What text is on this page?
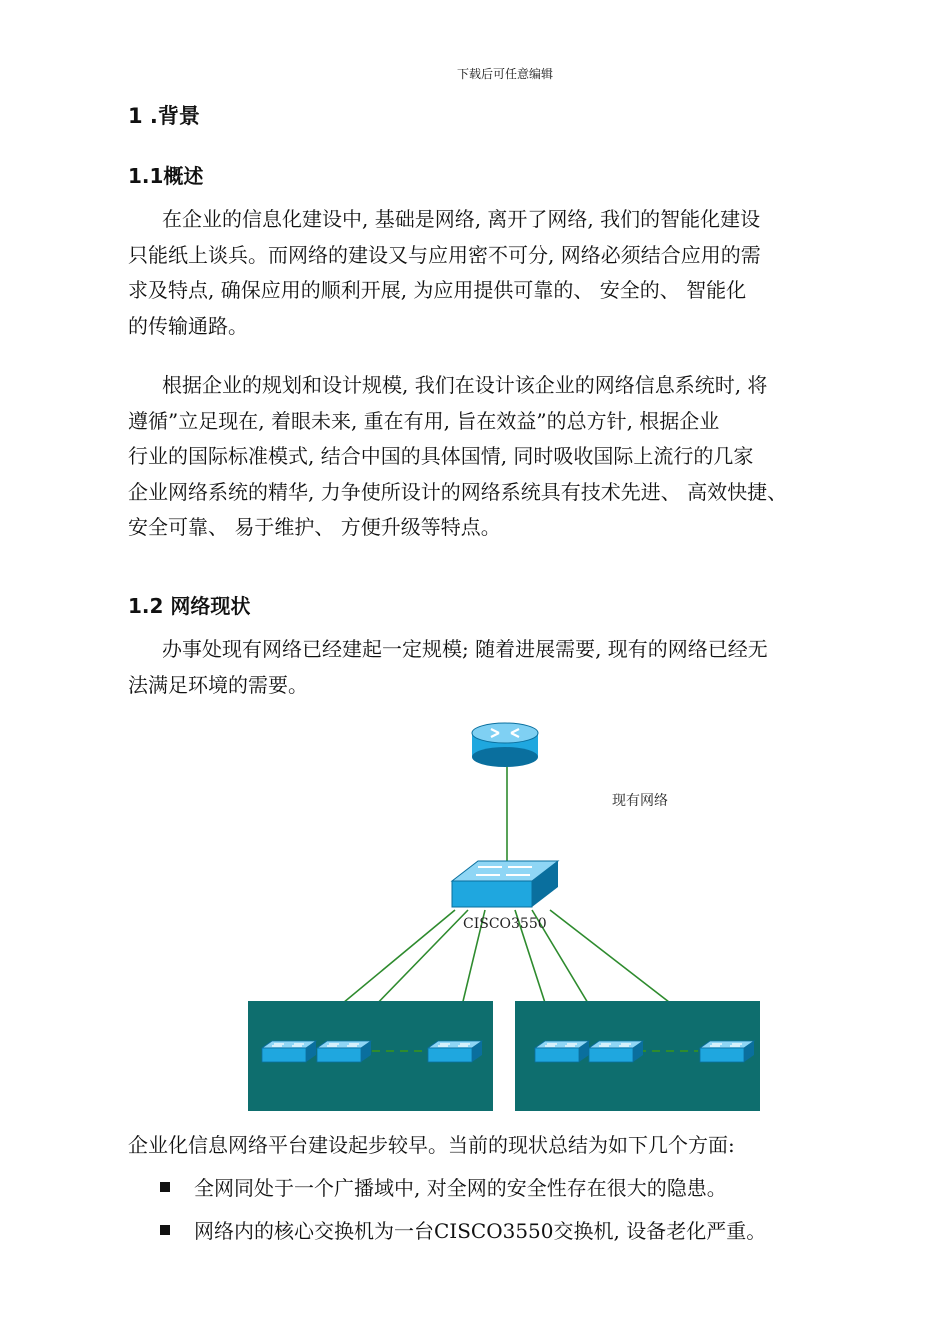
下载后可任意编辑
1 .背景
1.1概述
在企业的信息化建设中, 基础是网络, 离开了网络, 我们的智能化建设
只能纸上谈兵。而网络的建设又与应用密不可分, 网络必须结合应用的需
求及特点, 确保应用的顺利开展, 为应用提供可靠的、 安全的、 智能化
的传输通路。
根据企业的规划和设计规模, 我们在设计该企业的网络信息系统时, 将
遵循”立足现在, 着眼未来, 重在有用, 旨在效益”的总方针, 根据企业
行业的国际标准模式, 结合中国的具体国情, 同时吸收国际上流行的几家
企业网络系统的精华, 力争使所设计的网络系统具有技术先进、 高效快捷、
安全可靠、 易于维护、 方便升级等特点。
1.2 网络现状
办事处现有网络已经建起一定规模; 随着进展需要, 现有的网络已经无
法满足环境的需要。
现有网络
CISCO3550
企业化信息网络平台建设起步较早。当前的现状总结为如下几个方面:
全网同处于一个广播域中, 对全网的安全性存在很大的隐患。
网络内的核心交换机为一台CISCO3550交换机, 设备老化严重。
